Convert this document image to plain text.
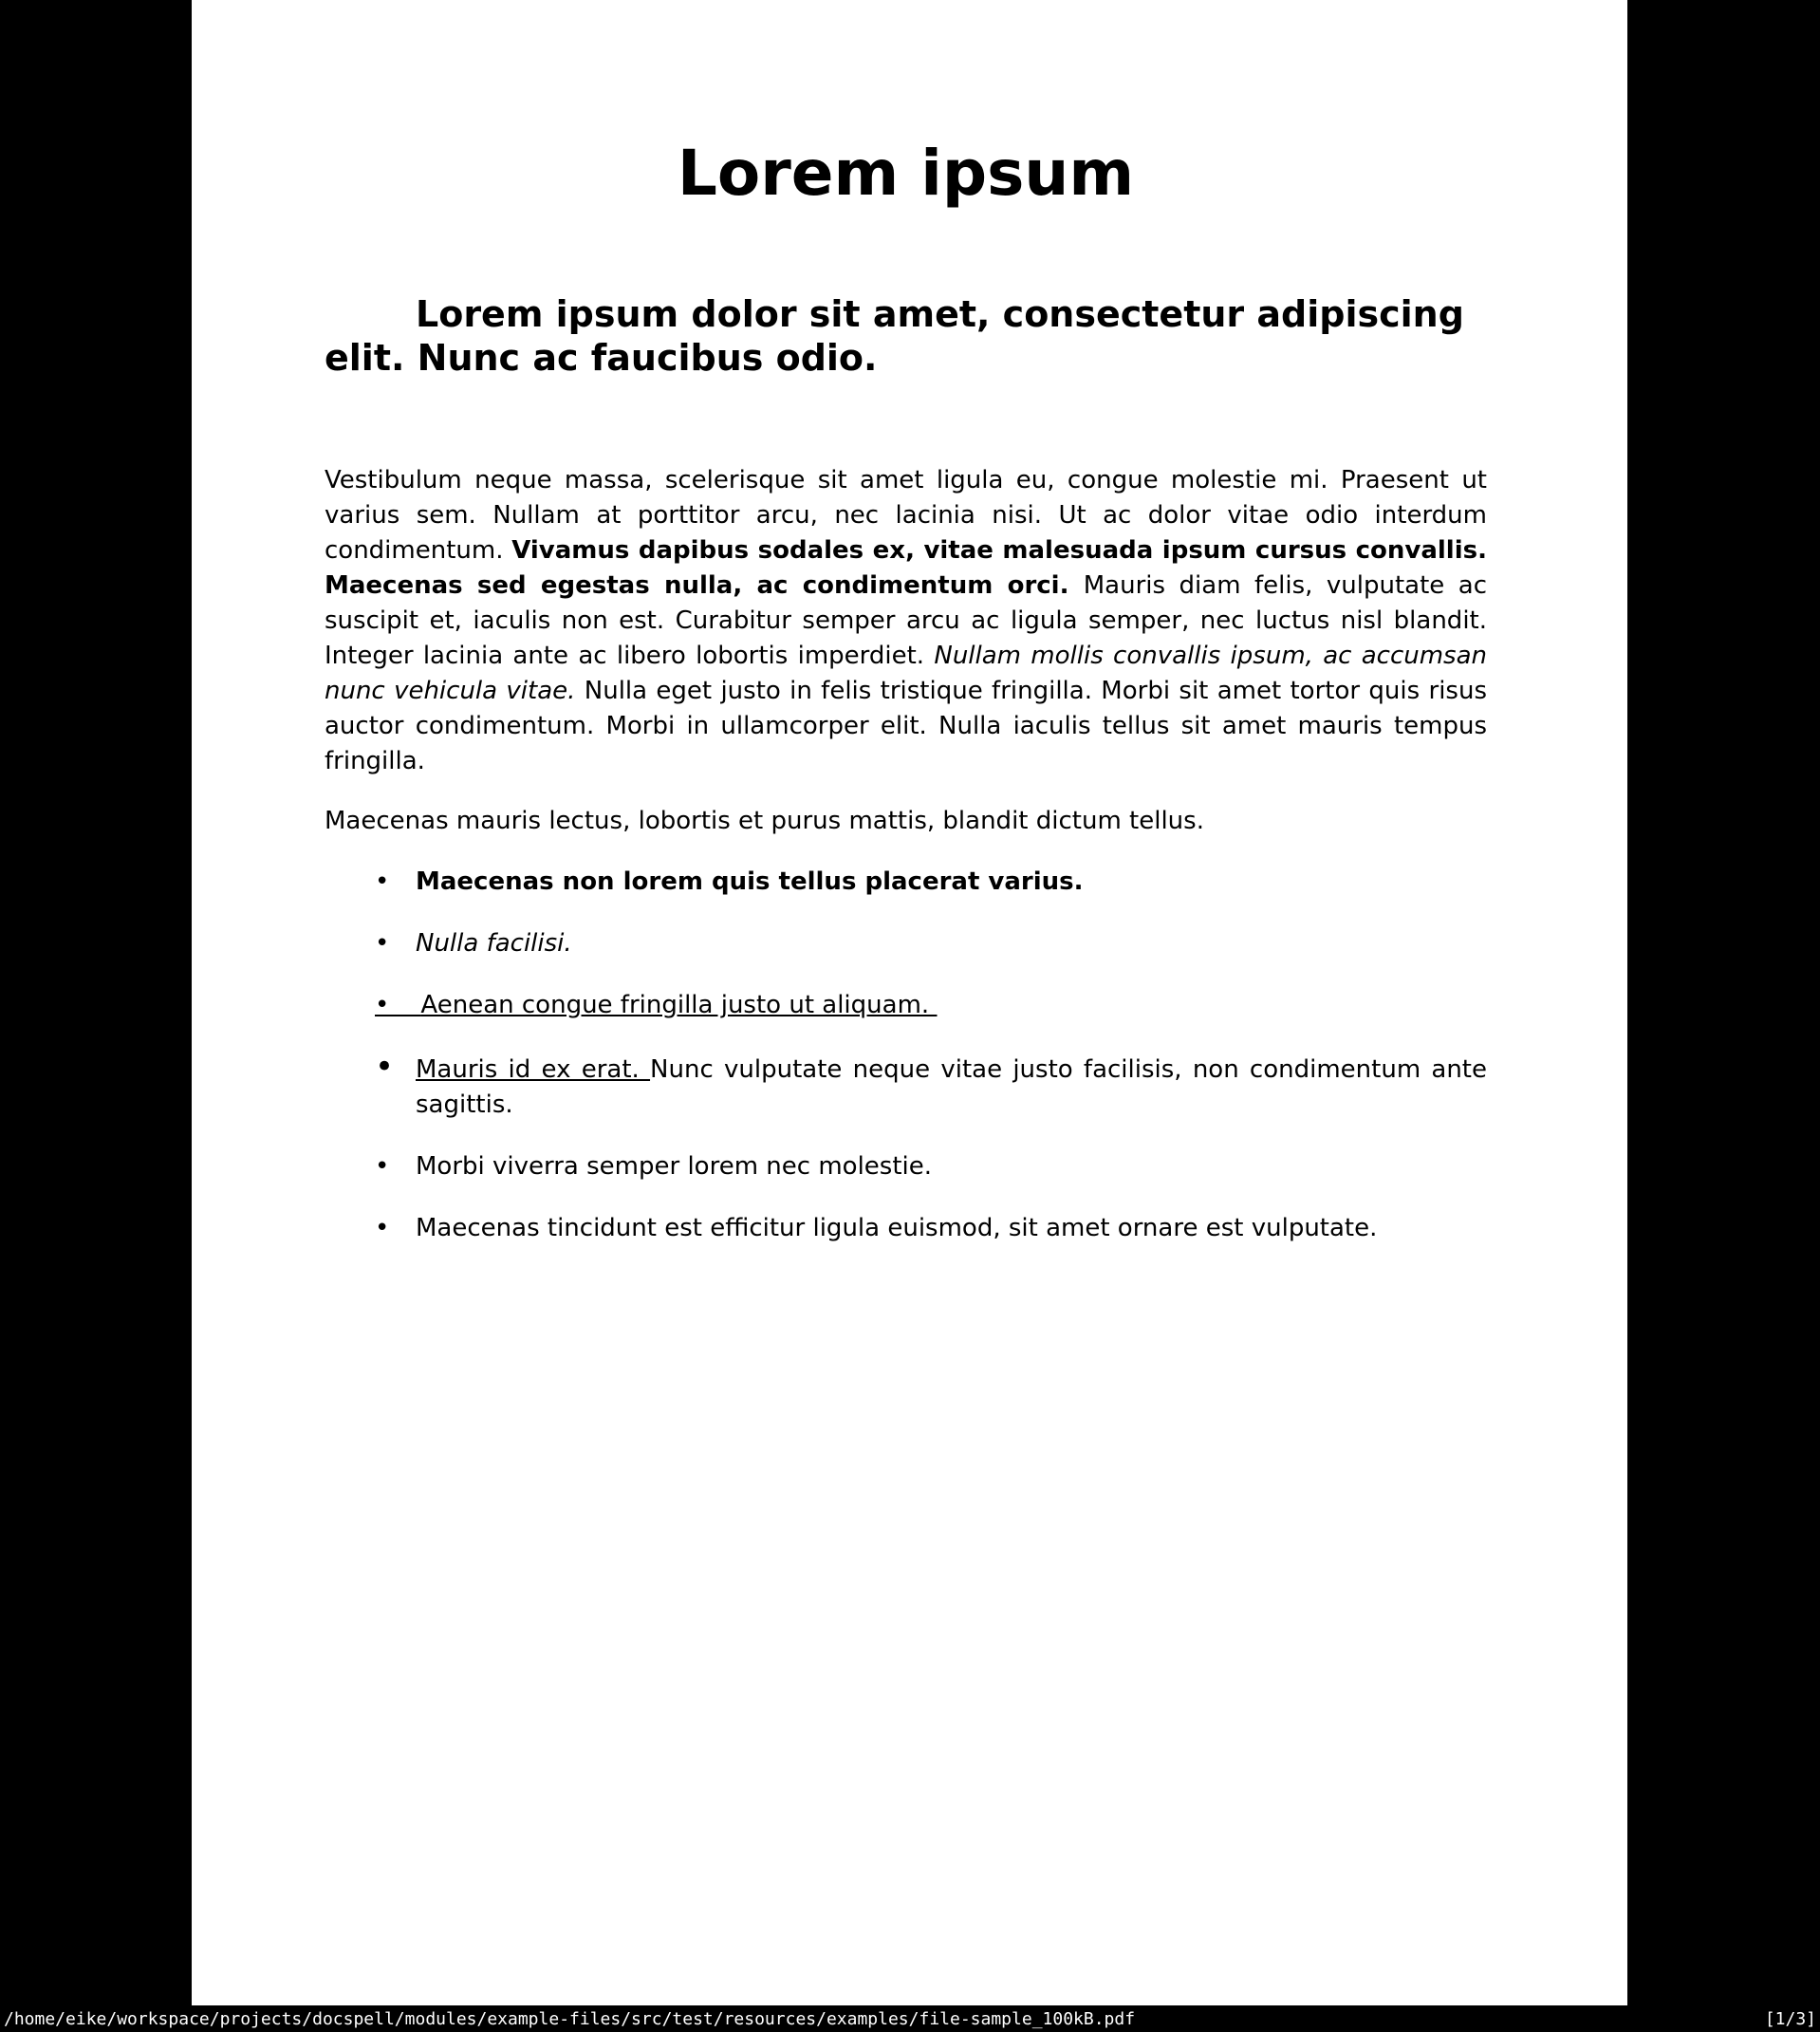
Lorem ipsum
Lorem ipsum dolor sit amet, consectetur adipiscing elit. Nunc ac faucibus odio.
Vestibulum neque massa, scelerisque sit amet ligula eu, congue molestie mi. Praesent ut varius sem. Nullam at porttitor arcu, nec lacinia nisi. Ut ac dolor vitae odio interdum condimentum. Vivamus dapibus sodales ex, vitae malesuada ipsum cursus convallis. Maecenas sed egestas nulla, ac condimentum orci. Mauris diam felis, vulputate ac suscipit et, iaculis non est. Curabitur semper arcu ac ligula semper, nec luctus nisl blandit. Integer lacinia ante ac libero lobortis imperdiet. Nullam mollis convallis ipsum, ac accumsan nunc vehicula vitae. Nulla eget justo in felis tristique fringilla. Morbi sit amet tortor quis risus auctor condimentum. Morbi in ullamcorper elit. Nulla iaculis tellus sit amet mauris tempus fringilla.
Maecenas mauris lectus, lobortis et purus mattis, blandit dictum tellus.
• Maecenas non lorem quis tellus placerat varius.
• Nulla facilisi.
•    Aenean congue fringilla justo ut aliquam.
• Mauris id ex erat. Nunc vulputate neque vitae justo facilisis, non condimentum ante sagittis.
• Morbi viverra semper lorem nec molestie.
• Maecenas tincidunt est efficitur ligula euismod, sit amet ornare est vulputate.
/home/eike/workspace/projects/docspell/modules/example-files/src/test/resources/examples/file-sample_100kB.pdf	[1/3]
